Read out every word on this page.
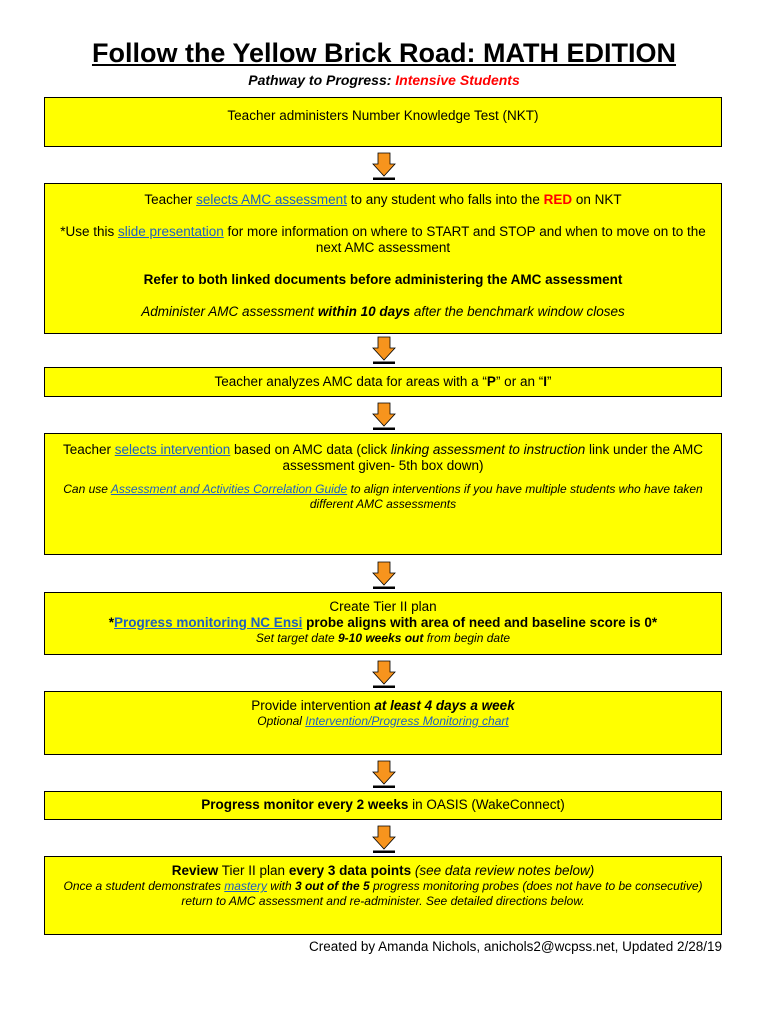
Follow the Yellow Brick Road: MATH EDITION
Pathway to Progress: Intensive Students

Teacher administers Number Knowledge Test (NKT)

Teacher selects AMC assessment to any student who falls into the RED on NKT

*Use this slide presentation for more information on where to START and STOP and when to move on to the next AMC assessment

Refer to both linked documents before administering the AMC assessment

Administer AMC assessment within 10 days after the benchmark window closes

Teacher analyzes AMC data for areas with a “P” or an “I”

Teacher selects intervention based on AMC data (click linking assessment to instruction link under the AMC assessment given- 5th box down)

Can use Assessment and Activities Correlation Guide to align interventions if you have multiple students who have taken different AMC assessments

Create Tier II plan

*Progress monitoring NC Ensi probe aligns with area of need and baseline score is 0*

Set target date 9-10 weeks out from begin date

Provide intervention at least 4 days a week

Optional Intervention/Progress Monitoring chart

Progress monitor every 2 weeks in OASIS (WakeConnect)

Review Tier II plan every 3 data points (see data review notes below)

Once a student demonstrates mastery with 3 out of the 5 progress monitoring probes (does not have to be consecutive) return to AMC assessment and re-administer. See detailed directions below.

Created by Amanda Nichols, anichols2@wcpss.net, Updated 2/28/19
